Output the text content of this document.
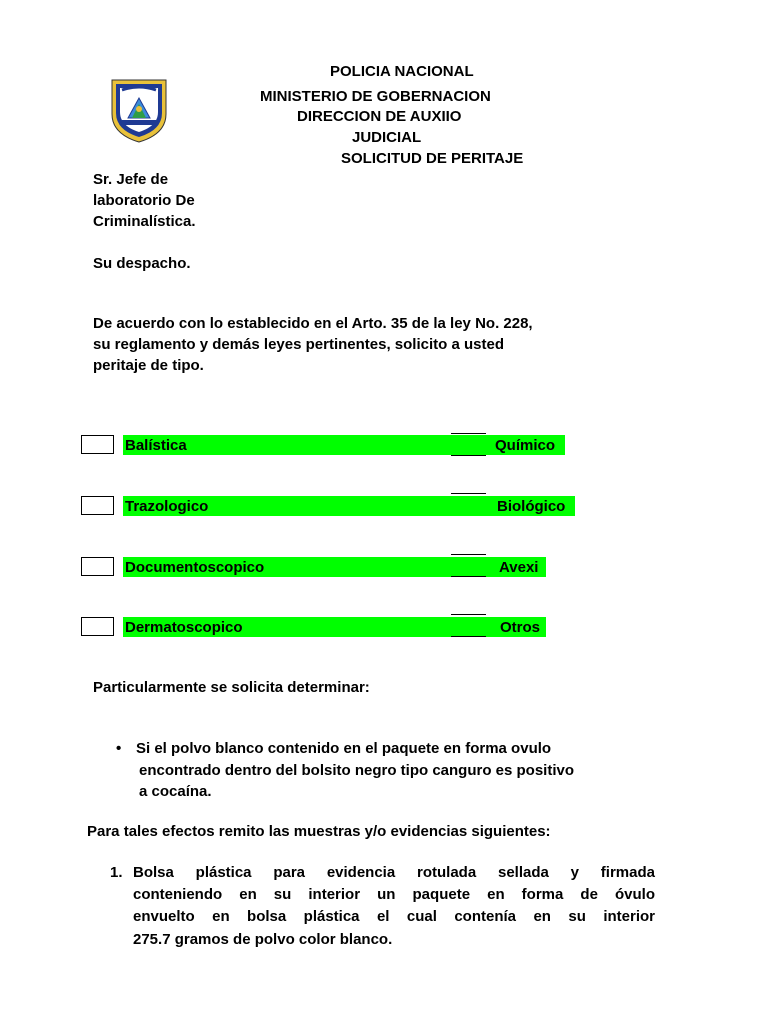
POLICIA NACIONAL
MINISTERIO DE GOBERNACION
DIRECCION DE AUXIIO
JUDICIAL
SOLICITUD DE PERITAJE
Sr. Jefe de
laboratorio De
Criminalística.
Su despacho.
De acuerdo con lo establecido en el Arto. 35 de la ley No. 228,
su reglamento y demás leyes pertinentes, solicito a usted
peritaje de tipo.
Balística	Químico
Trazologico	Biológico
Documentoscopico	Avexi
Dermatoscopico	Otros
Particularmente se solicita determinar:
• Si el polvo blanco contenido en el paquete en forma ovulo
encontrado dentro del bolsito negro tipo canguro es positivo
a cocaína.
Para tales efectos remito las muestras y/o evidencias siguientes:
1. Bolsa plástica para evidencia rotulada sellada y firmada
conteniendo en su interior un paquete en forma de óvulo
envuelto en bolsa plástica el cual contenía en su interior
275.7 gramos de polvo color blanco.
